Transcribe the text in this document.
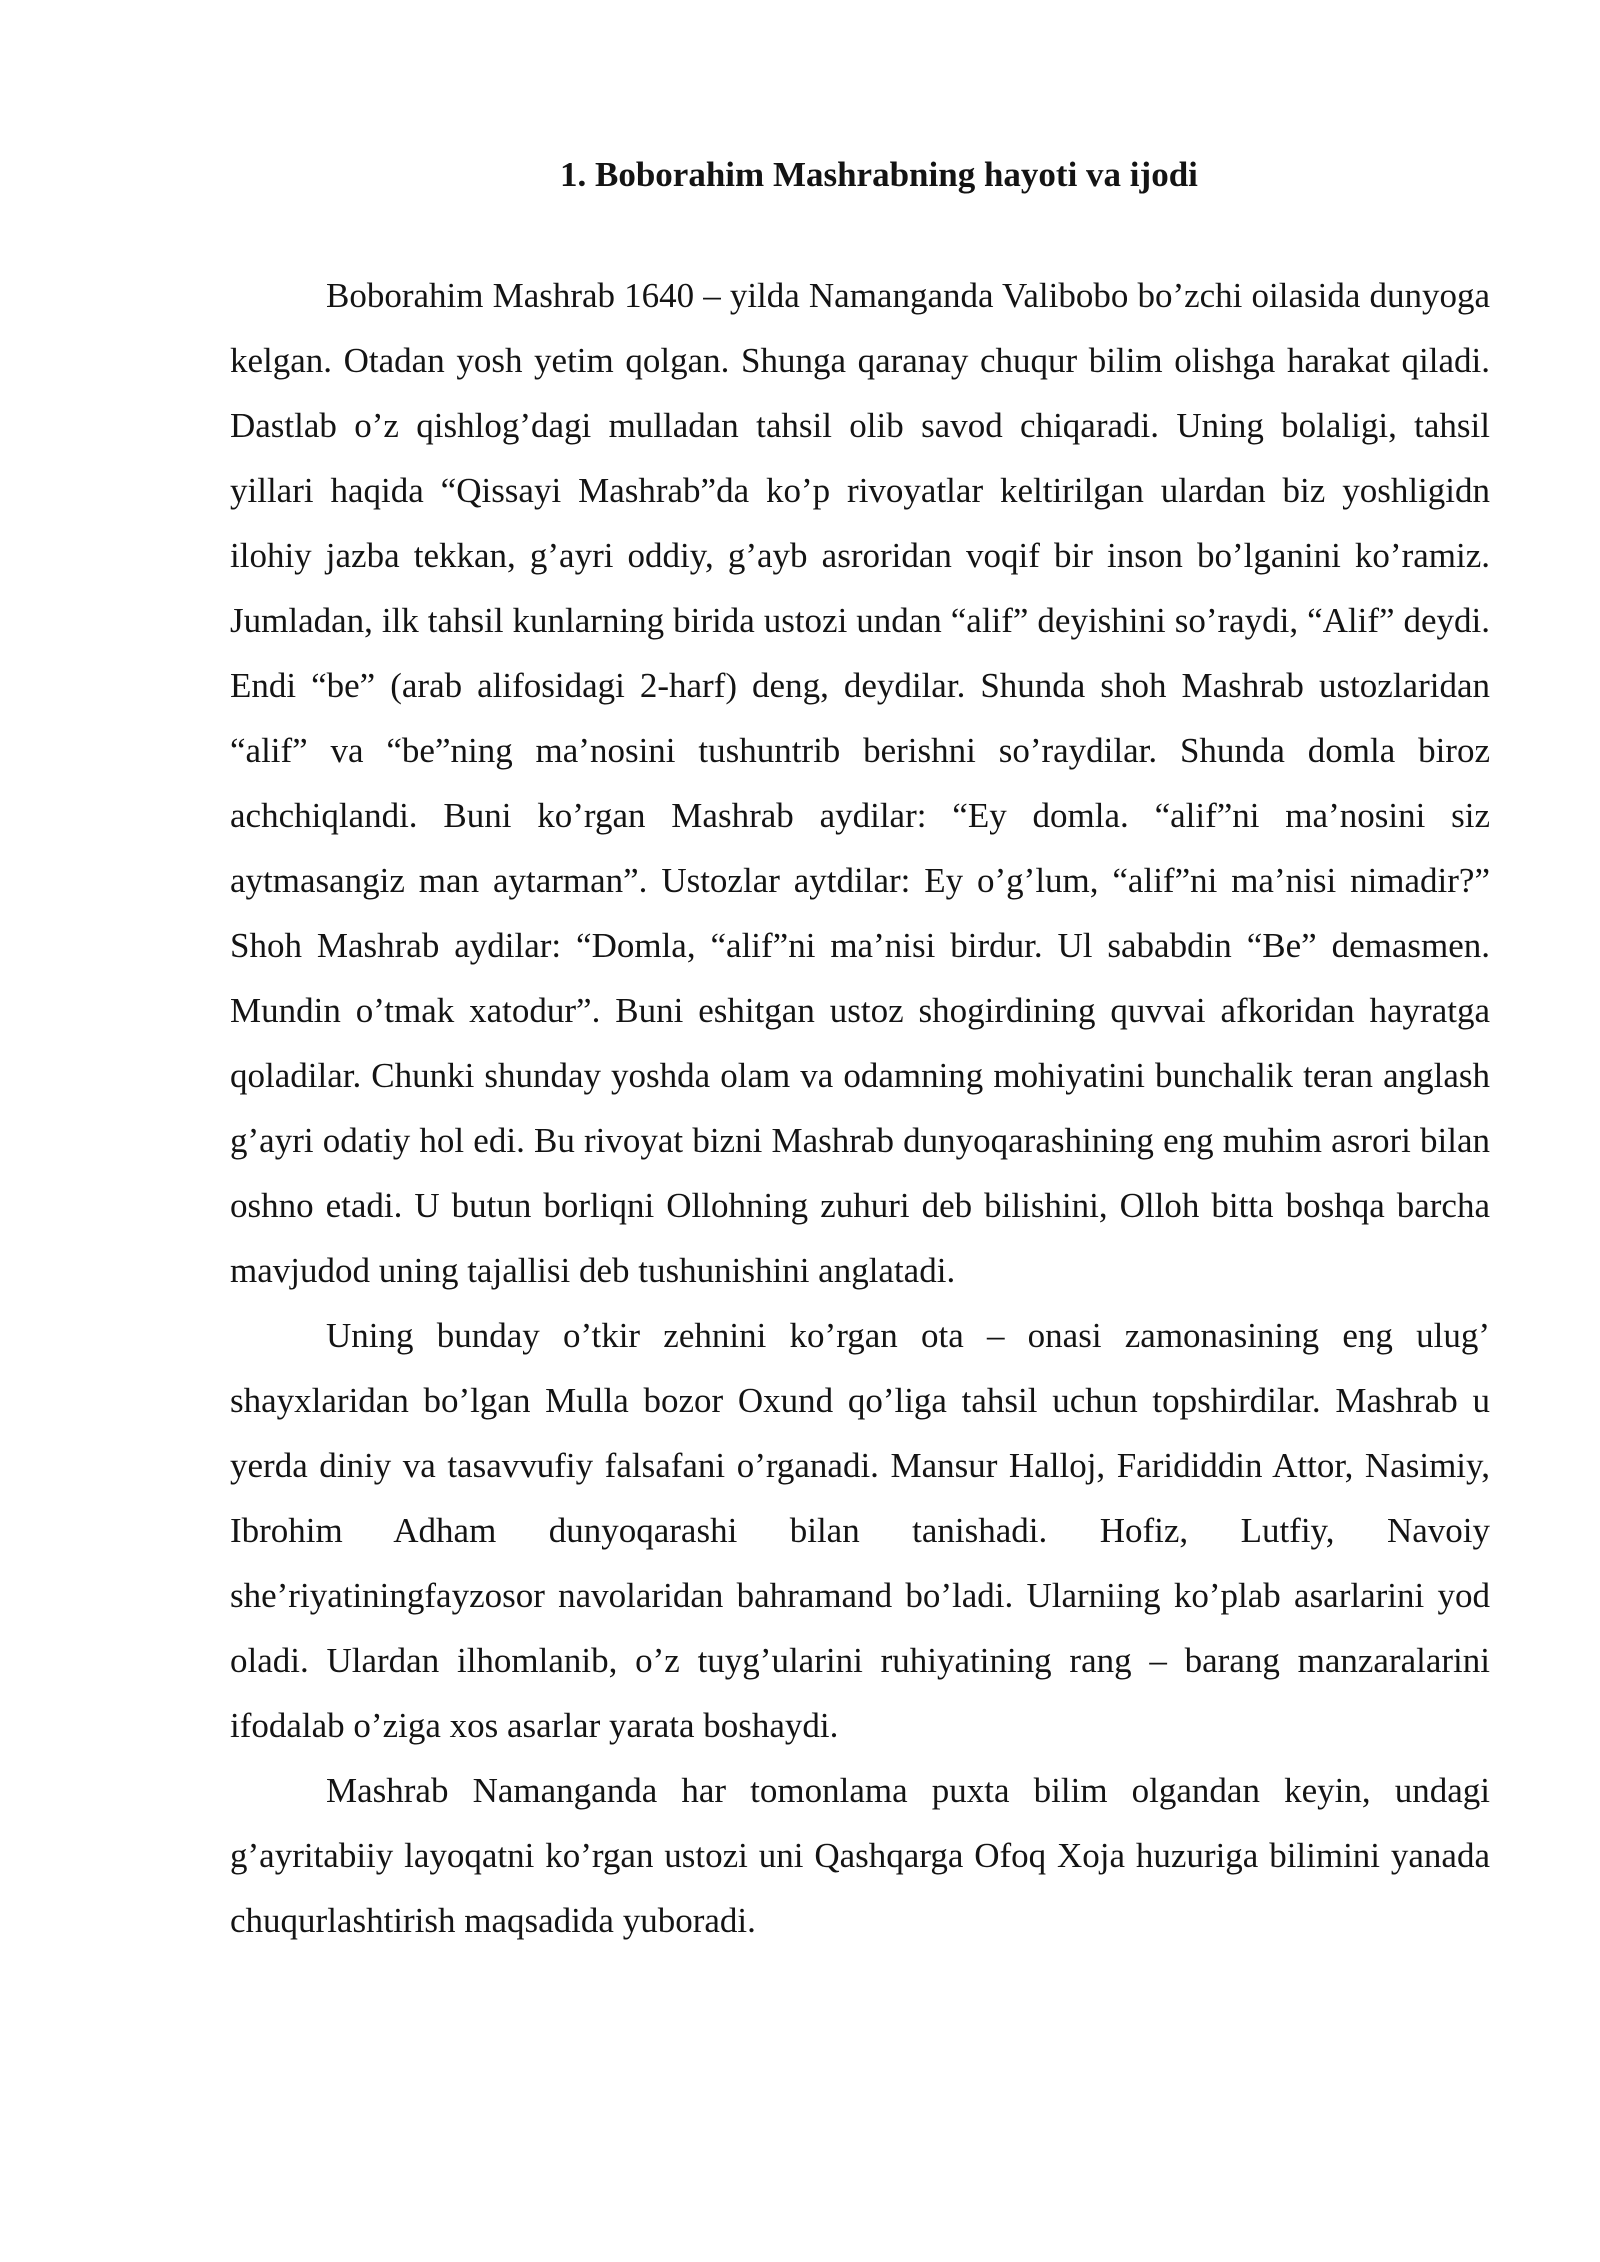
1. Boborahim Mashrabning hayoti va ijodi

Boborahim Mashrab 1640 – yilda Namanganda Valibobo bo’zchi oilasida dunyoga kelgan. Otadan yosh yetim qolgan. Shunga qaranay chuqur bilim olishga harakat qiladi. Dastlab o’z qishlog’dagi mulladan tahsil olib savod chiqaradi. Uning bolaligi, tahsil yillari haqida “Qissayi Mashrab”da ko’p rivoyatlar keltirilgan ulardan biz yoshligidn ilohiy jazba tekkan, g’ayri oddiy, g’ayb asroridan voqif bir inson bo’lganini ko’ramiz. Jumladan, ilk tahsil kunlarning birida ustozi undan “alif” deyishini so’raydi, “Alif” deydi. Endi “be” (arab alifosidagi 2-harf) deng, deydilar. Shunda shoh Mashrab ustozlaridan “alif” va “be”ning ma’nosini tushuntrib berishni so’raydilar. Shunda domla biroz achchiqlandi. Buni ko’rgan Mashrab aydilar: “Ey domla. “alif”ni ma’nosini siz aytmasangiz man aytarman”. Ustozlar aytdilar: Ey o’g’lum, “alif”ni ma’nisi nimadir?” Shoh Mashrab aydilar: “Domla, “alif”ni ma’nisi birdur. Ul sababdin “Be” demasmen. Mundin o’tmak xatodur”. Buni eshitgan ustoz shogirdining quvvai afkoridan hayratga qoladilar. Chunki shunday yoshda olam va odamning mohiyatini bunchalik teran anglash g’ayri odatiy hol edi. Bu rivoyat bizni Mashrab dunyoqarashining eng muhim asrori bilan oshno etadi. U butun borliqni Ollohning zuhuri deb bilishini, Olloh bitta boshqa barcha mavjudod uning tajallisi deb tushunishini anglatadi.

Uning bunday o’tkir zehnini ko’rgan ota – onasi zamonasining eng ulug’ shayxlaridan bo’lgan Mulla bozor Oxund qo’liga tahsil uchun topshirdilar. Mashrab u yerda diniy va tasavvufiy falsafani o’rganadi. Mansur Halloj, Farididdin Attor, Nasimiy, Ibrohim Adham dunyoqarashi bilan tanishadi. Hofiz, Lutfiy, Navoiy she’riyatiningfayzosor navolaridan bahramand bo’ladi. Ularniing ko’plab asarlarini yod oladi. Ulardan ilhomlanib, o’z tuyg’ularini ruhiyatining rang – barang manzaralarini ifodalab o’ziga xos asarlar yarata boshaydi.

Mashrab Namanganda har tomonlama puxta bilim olgandan keyin, undagi g’ayritabiiy layoqatni ko’rgan ustozi uni Qashqarga Ofoq Xoja huzuriga bilimini yanada chuqurlashtirish maqsadida yuboradi.
